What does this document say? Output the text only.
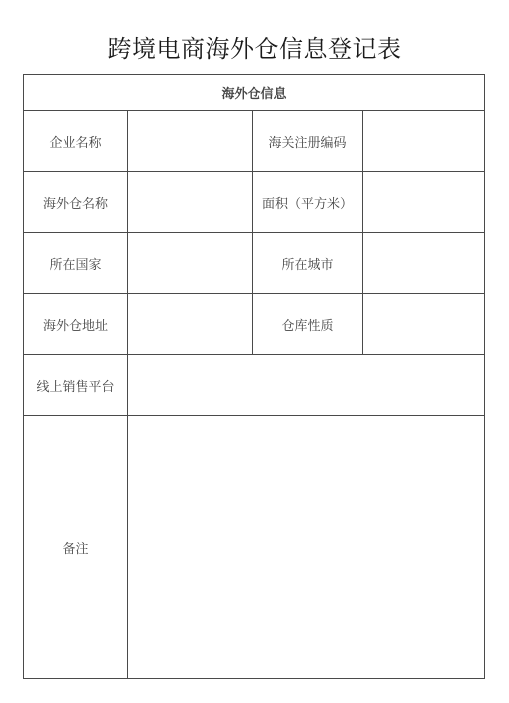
跨境电商海外仓信息登记表
海外仓信息			
企业名称		海关注册编码	
海外仓名称		面积（平方米）	
所在国家		所在城市	
海外仓地址		仓库性质	
线上销售平台			
备注			
